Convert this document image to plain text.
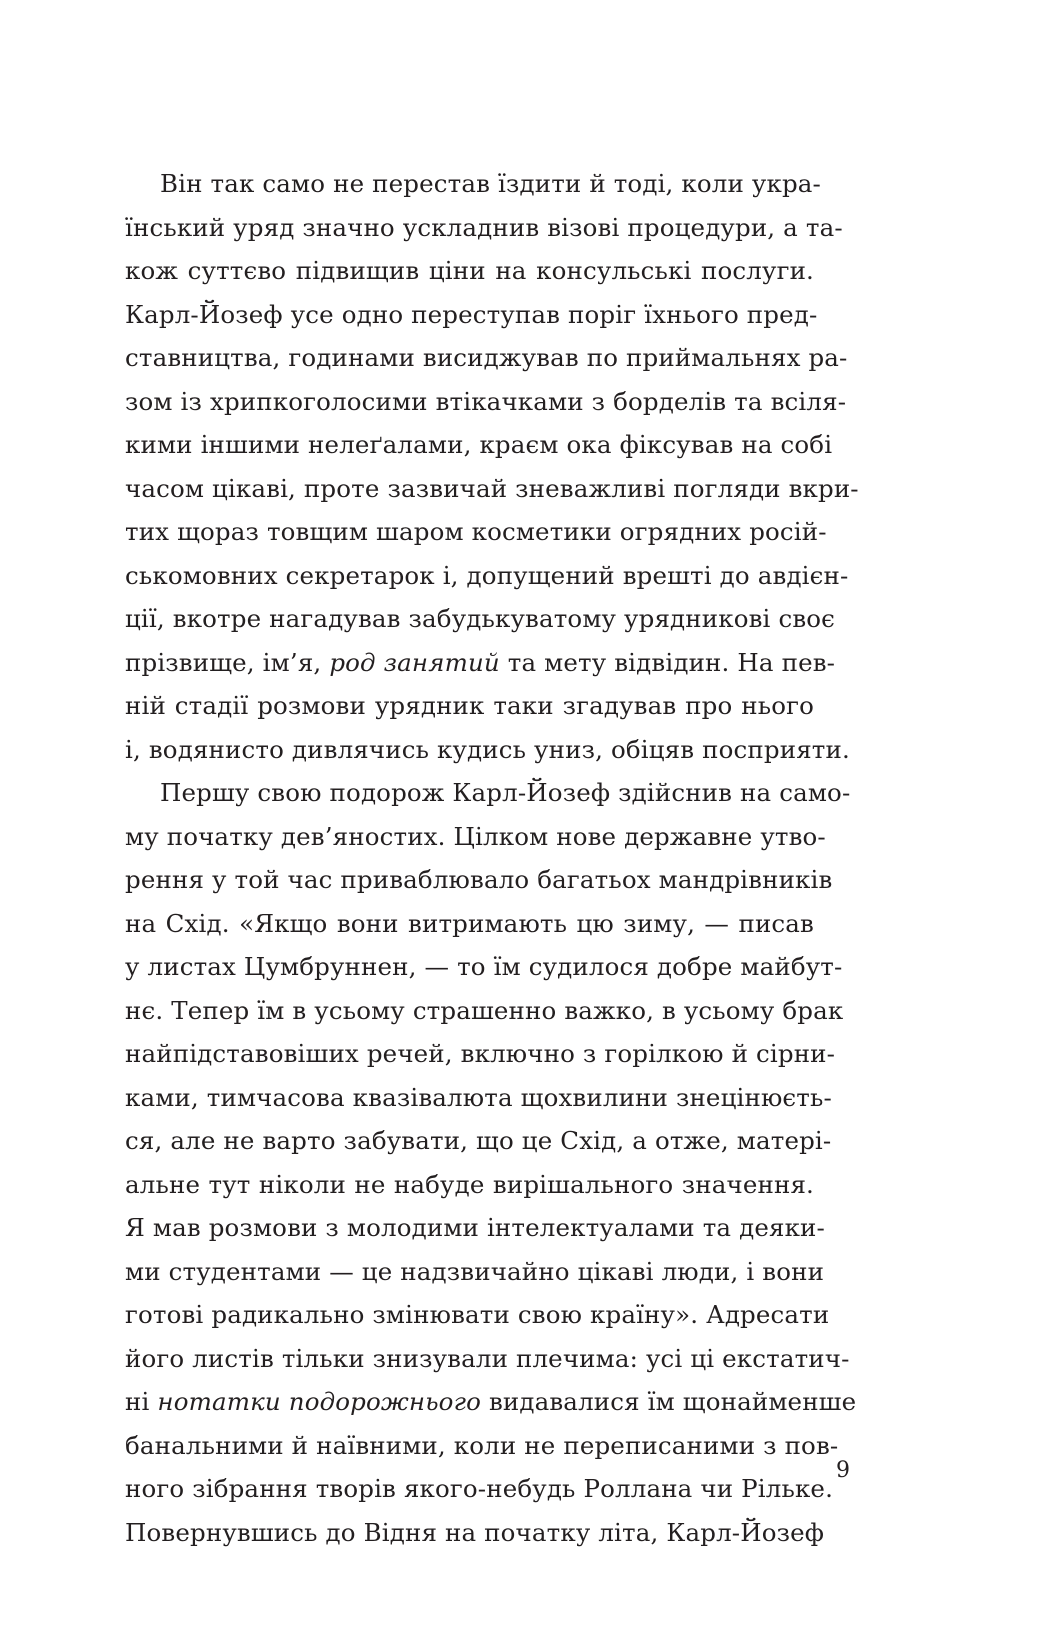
Він так само не перестав їздити й тоді, коли укра-
їнський уряд значно ускладнив візові процедури, а та-
кож суттєво підвищив ціни на консульські послуги.
Карл-Йозеф усе одно переступав поріг їхнього пред-
ставництва, годинами висиджував по приймальнях ра-
зом із хрипкоголосими втікачками з борделів та всіля-
кими іншими нелеґалами, краєм ока фіксував на собі
часом цікаві, проте зазвичай зневажливі погляди вкри-
тих щораз товщим шаром косметики огрядних росій-
ськомовних секретарок і, допущений врешті до авдієн-
ції, вкотре нагадував забудькуватому урядникові своє
прізвище, ім’я, род занятий та мету відвідин. На пев-
ній стадії розмови урядник таки згадував про нього
і, водянисто дивлячись кудись униз, обіцяв посприяти.
Першу свою подорож Карл-Йозеф здійснив на само-
му початку дев’яностих. Цілком нове державне утво-
рення у той час приваблювало багатьох мандрівників
на Схід. «Якщо вони витримають цю зиму, — писав
у листах Цумбруннен, — то їм судилося добре майбут-
нє. Тепер їм в усьому страшенно важко, в усьому брак
найпідставовіших речей, включно з горілкою й сірни-
ками, тимчасова квазівалюта щохвилини знецінюєть-
ся, але не варто забувати, що це Схід, а отже, матері-
альне тут ніколи не набуде вирішального значення.
Я мав розмови з молодими інтелектуалами та деяки-
ми студентами — це надзвичайно цікаві люди, і вони
готові радикально змінювати свою країну». Адресати
його листів тільки знизували плечима: усі ці екстатич-
ні нотатки подорожнього видавалися їм щонайменше
банальними й наївними, коли не переписаними з пов-
ного зібрання творів якого-небудь Роллана чи Рільке.
Повернувшись до Відня на початку літа, Карл-Йозеф
9
